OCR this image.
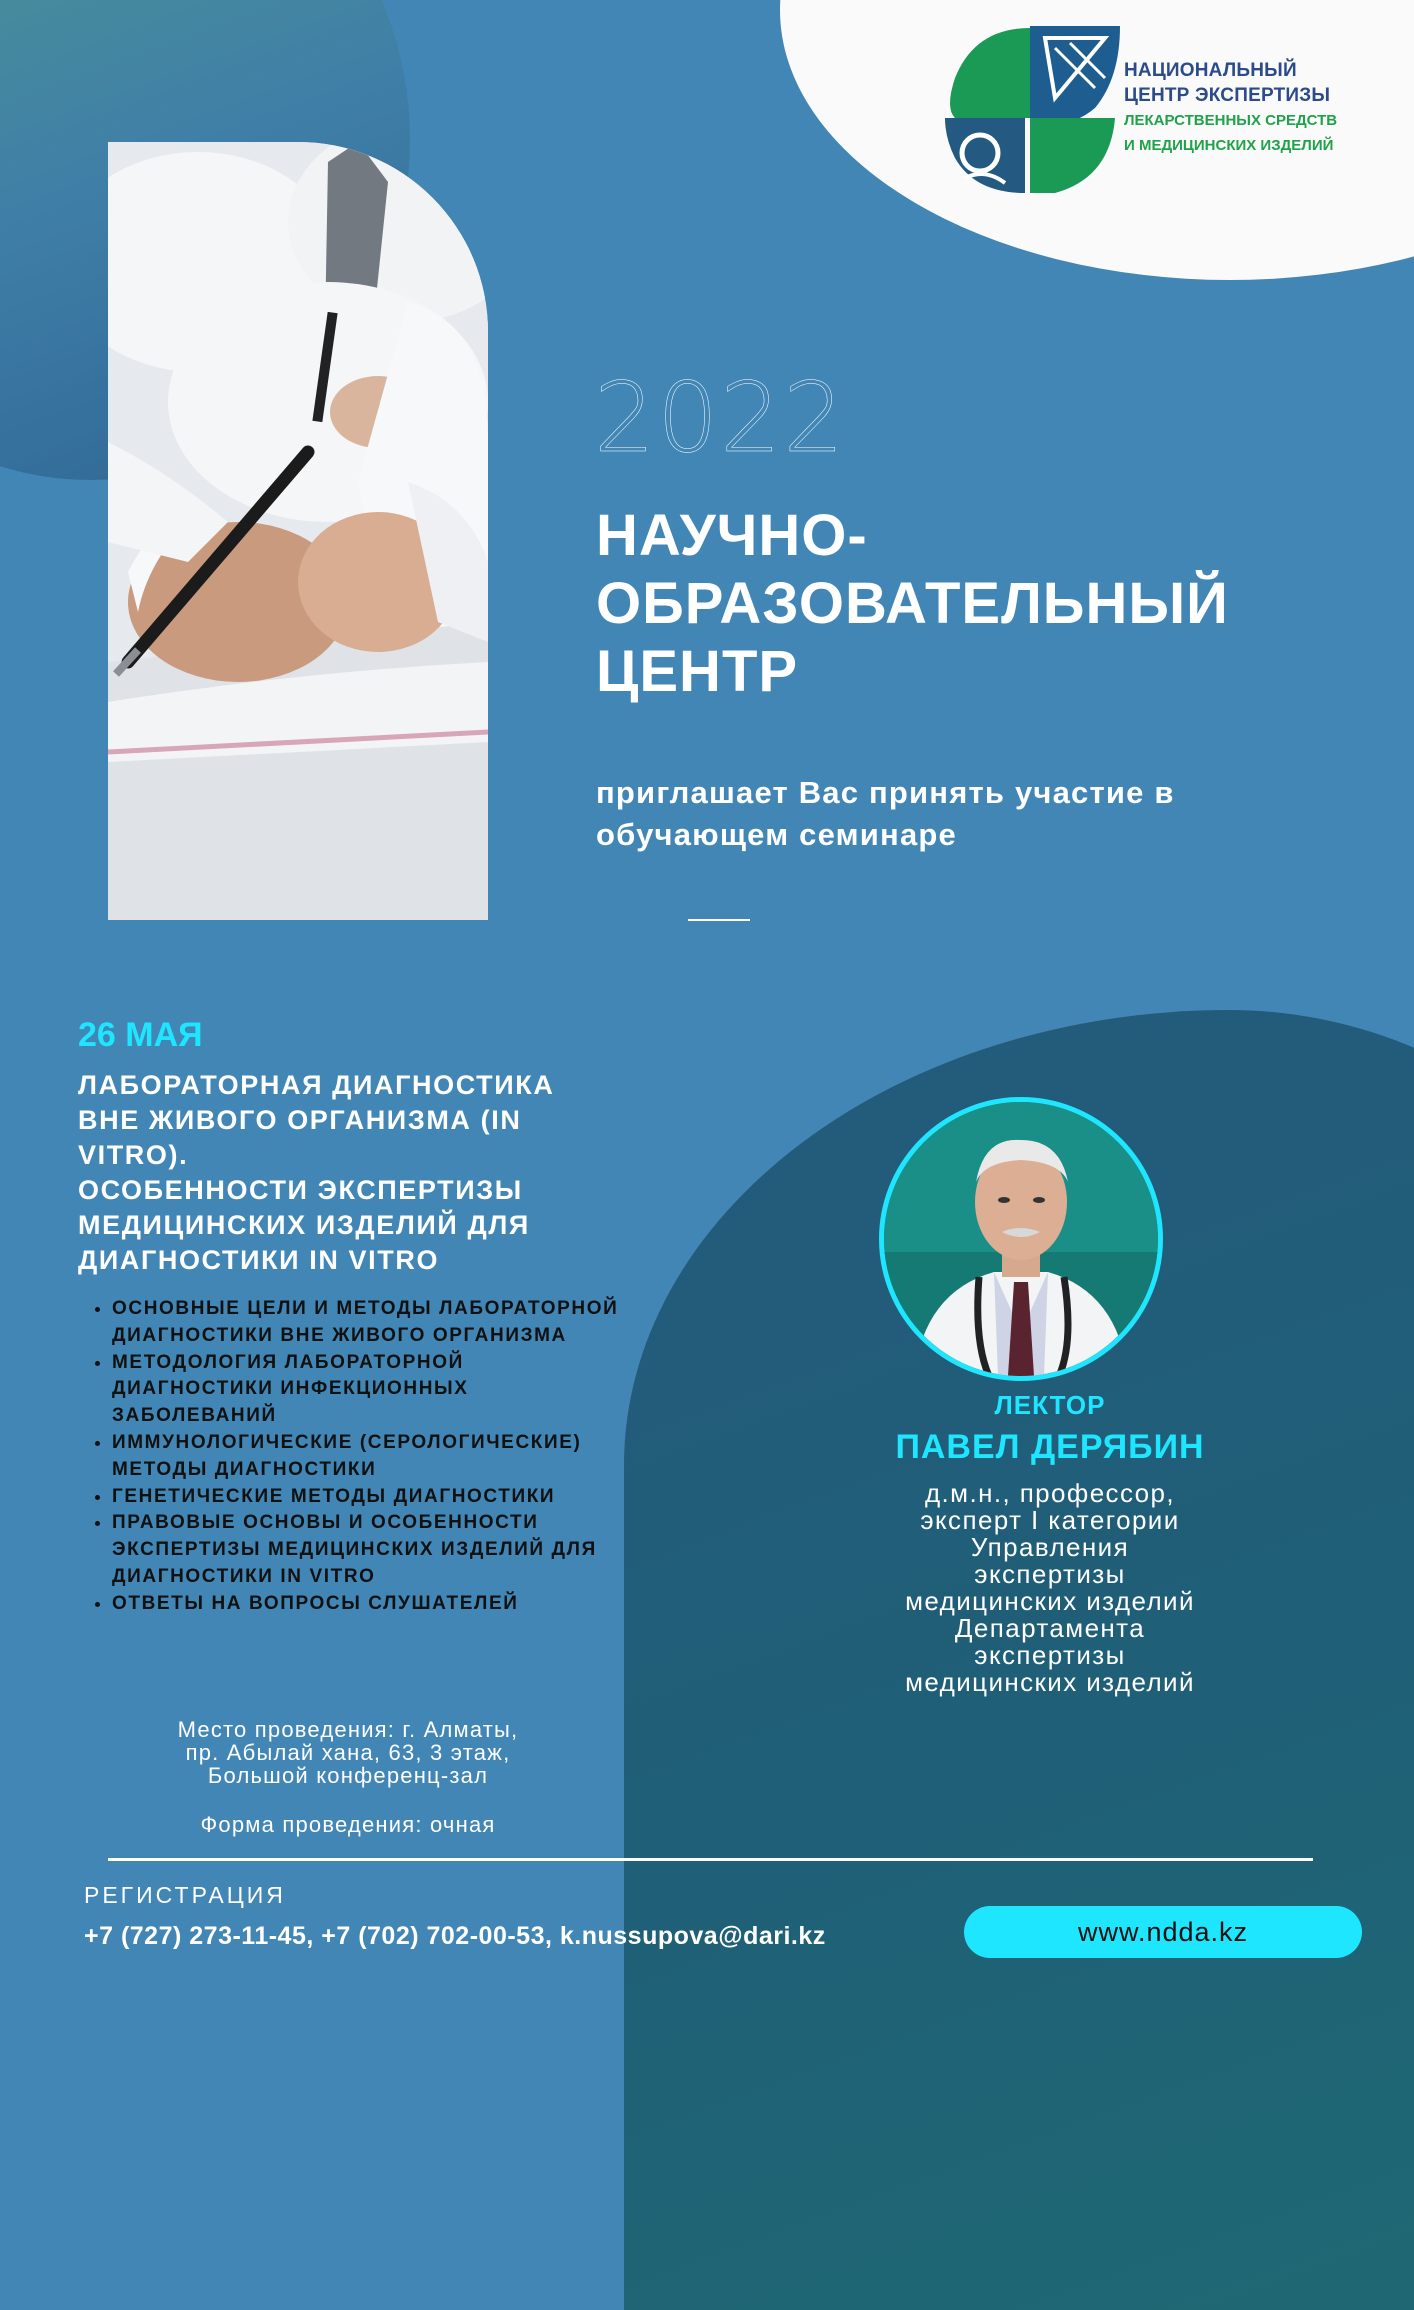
НАЦИОНАЛЬНЫЙ
ЦЕНТР ЭКСПЕРТИЗЫ
ЛЕКАРСТВЕННЫХ СРЕДСТВ
И МЕДИЦИНСКИХ ИЗДЕЛИЙ
2022
НАУЧНО-
ОБРАЗОВАТЕЛЬНЫЙ
ЦЕНТР
приглашает Вас принять участие в
обучающем семинаре
26 МАЯ
ЛАБОРАТОРНАЯ ДИАГНОСТИКА
ВНЕ ЖИВОГО ОРГАНИЗМА (IN
VITRO).
ОСОБЕННОСТИ ЭКСПЕРТИЗЫ
МЕДИЦИНСКИХ ИЗДЕЛИЙ ДЛЯ
ДИАГНОСТИКИ IN VITRO
• ОСНОВНЫЕ ЦЕЛИ И МЕТОДЫ ЛАБОРАТОРНОЙ ДИАГНОСТИКИ ВНЕ ЖИВОГО ОРГАНИЗМА
• МЕТОДОЛОГИЯ ЛАБОРАТОРНОЙ ДИАГНОСТИКИ ИНФЕКЦИОННЫХ ЗАБОЛЕВАНИЙ
• ИММУНОЛОГИЧЕСКИЕ (СЕРОЛОГИЧЕСКИЕ) МЕТОДЫ ДИАГНОСТИКИ
• ГЕНЕТИЧЕСКИЕ МЕТОДЫ ДИАГНОСТИКИ
• ПРАВОВЫЕ ОСНОВЫ И ОСОБЕННОСТИ ЭКСПЕРТИЗЫ МЕДИЦИНСКИХ ИЗДЕЛИЙ ДЛЯ ДИАГНОСТИКИ IN VITRO
• ОТВЕТЫ НА ВОПРОСЫ СЛУШАТЕЛЕЙ
Место проведения: г. Алматы,
пр. Абылай хана, 63, 3 этаж,
Большой конференц-зал
Форма проведения: очная
ЛЕКТОР
ПАВЕЛ ДЕРЯБИН
д.м.н., профессор,
эксперт I категории
Управления
экспертизы
медицинских изделий
Департамента
экспертизы
медицинских изделий
РЕГИСТРАЦИЯ
+7 (727) 273-11-45, +7 (702) 702-00-53, k.nussupova@dari.kz	www.ndda.kz
